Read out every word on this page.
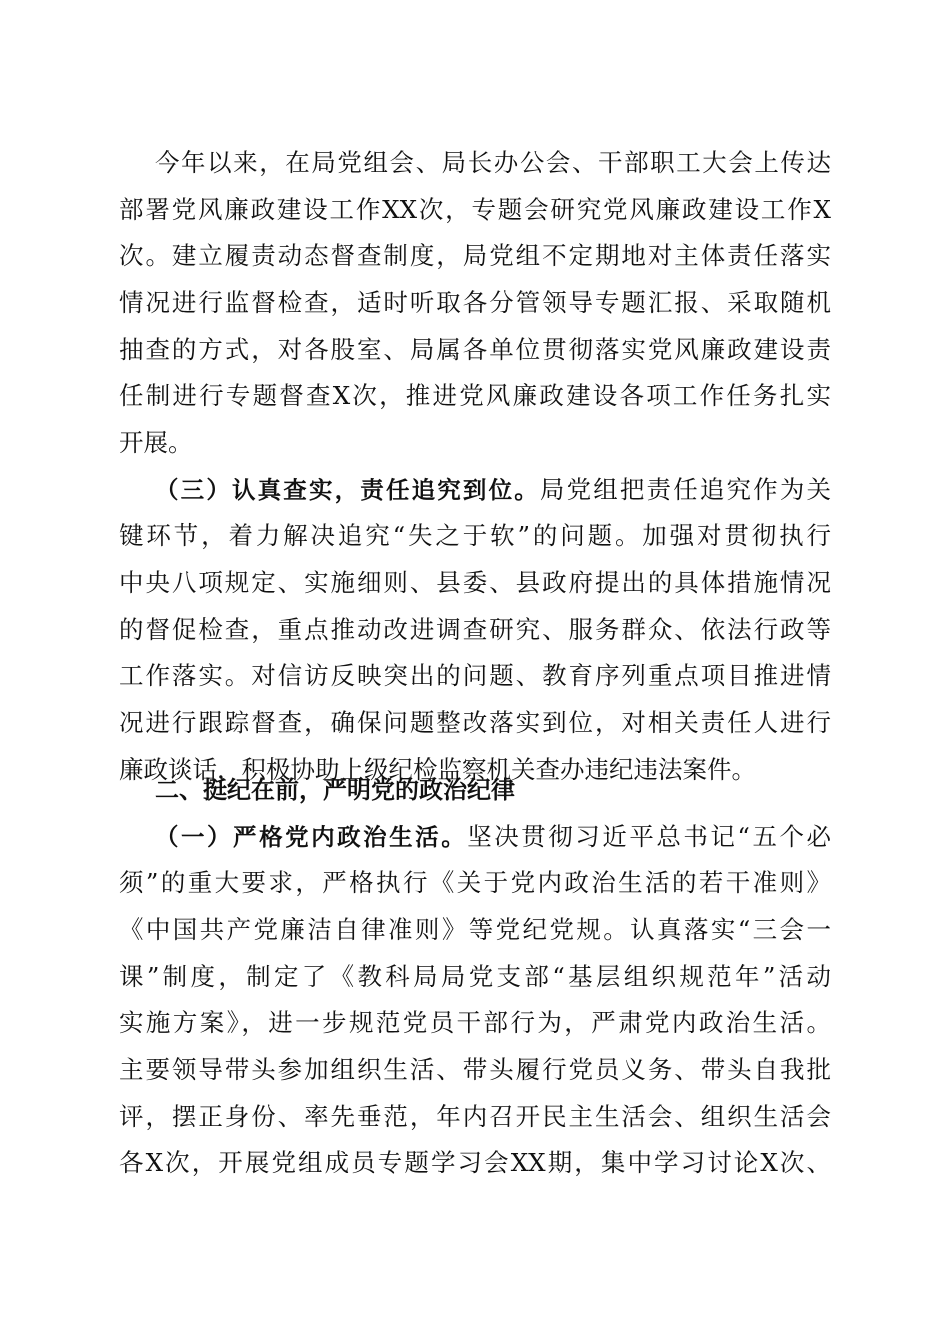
今年以来，在局党组会、局长办公会、干部职工大会上传达
部署党风廉政建设工作XX次，专题会研究党风廉政建设工作X
次。建立履责动态督查制度，局党组不定期地对主体责任落实
情况进行监督检查，适时听取各分管领导专题汇报、采取随机
抽查的方式，对各股室、局属各单位贯彻落实党风廉政建设责
任制进行专题督查X次，推进党风廉政建设各项工作任务扎实
开展。
（三）认真查实，责任追究到位。局党组把责任追究作为关
键环节，着力解决追究“失之于软”的问题。加强对贯彻执行
中央八项规定、实施细则、县委、县政府提出的具体措施情况
的督促检查，重点推动改进调查研究、服务群众、依法行政等
工作落实。对信访反映突出的问题、教育序列重点项目推进情
况进行跟踪督查，确保问题整改落实到位，对相关责任人进行
廉政谈话，积极协助上级纪检监察机关查办违纪违法案件。
二、挺纪在前，严明党的政治纪律
（一）严格党内政治生活。坚决贯彻习近平总书记“五个必
须”的重大要求，严格执行《关于党内政治生活的若干准则》
《中国共产党廉洁自律准则》等党纪党规。认真落实“三会一
课”制度，制定了《教科局局党支部“基层组织规范年”活动
实施方案》，进一步规范党员干部行为，严肃党内政治生活。
主要领导带头参加组织生活、带头履行党员义务、带头自我批
评，摆正身份、率先垂范，年内召开民主生活会、组织生活会
各X次，开展党组成员专题学习会XX期，集中学习讨论X次、
